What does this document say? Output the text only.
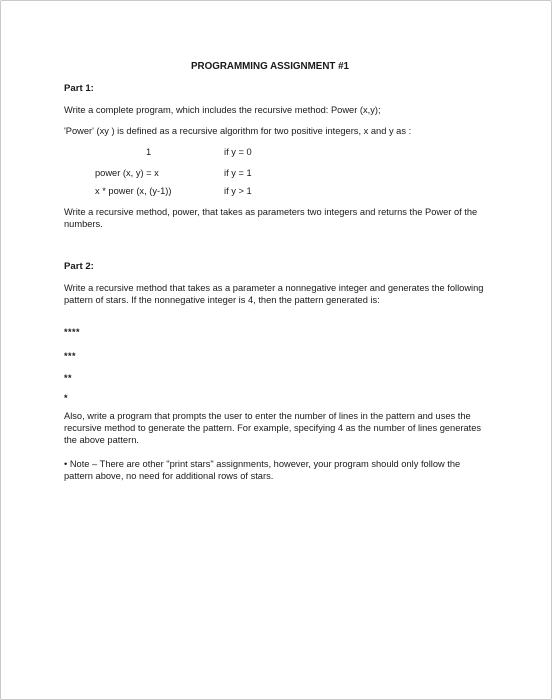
PROGRAMMING ASSIGNMENT #1
Part 1:
Write a complete program, which includes the recursive method: Power (x,y);
'Power' (xy ) is defined as a recursive algorithm for two positive integers, x and y as :
1	if y = 0
power (x, y) = x	if y = 1
x * power (x, (y-1))	if y > 1
Write a recursive method, power, that takes as parameters two integers and returns the Power of the numbers.
Part 2:
Write a recursive method that takes as a parameter a nonnegative integer and generates the following pattern of stars. If the nonnegative integer is 4, then the pattern generated is:
****
***
**
*
Also, write a program that prompts the user to enter the number of lines in the pattern and uses the recursive method to generate the pattern. For example, specifying 4 as the number of lines generates the above pattern.
• Note – There are other "print stars" assignments, however, your program should only follow the pattern above, no need for additional rows of stars.
